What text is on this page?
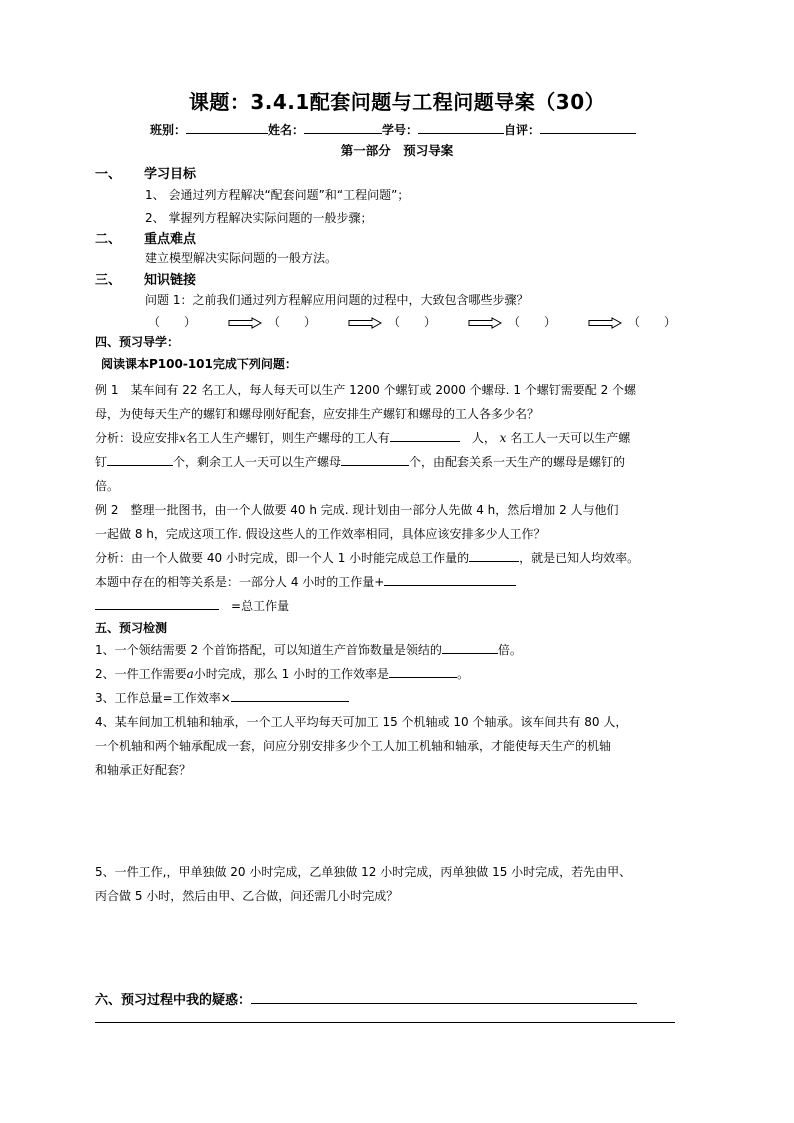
课题：3.4.1配套问题与工程问题导案（30）
班别：	姓名：	学号：	自评：
第一部分　预习导案
一、 学习目标
1、 会通过列方程解决“配套问题”和“工程问题”；
2、 掌握列方程解决实际问题的一般步骤；
二、 重点难点
建立模型解决实际问题的一般方法。
三、 知识链接
问题 1：之前我们通过列方程解应用问题的过程中，大致包含哪些步骤？
（　　）	（　　）	（　　）	（　　）	（　　）
四、预习导学：
阅读课本P100-101完成下列问题：
例 1　某车间有 22 名工人，每人每天可以生产 1200 个螺钉或 2000 个螺母. 1 个螺钉需要配 2 个螺
母，为使每天生产的螺钉和螺母刚好配套，应安排生产螺钉和螺母的工人各多少名？
分析：设应安排x名工人生产螺钉，则生产螺母的工人有　	人， x 名工人一天可以生产螺
钉	个，剩余工人一天可以生产螺母	个，由配套关系一天生产的螺母是螺钉的
倍。
例 2　整理一批图书，由一个人做要 40 h 完成. 现计划由一部分人先做 4 h，然后增加 2 人与他们
一起做 8 h，完成这项工作. 假设这些人的工作效率相同，具体应该安排多少人工作？
分析：由一个人做要 40 小时完成，即一个人 1 小时能完成总工作量的	，就是已知人均效率。
本题中存在的相等关系是：一部分人 4 小时的工作量+
　=总工作量
五、预习检测
1、一个领结需要 2 个首饰搭配，可以知道生产首饰数量是领结的	倍。
2、一件工作需要a小时完成，那么 1 小时的工作效率是	。
3、工作总量=工作效率×
4、某车间加工机轴和轴承，一个工人平均每天可加工 15 个机轴或 10 个轴承。该车间共有 80 人，
一个机轴和两个轴承配成一套，问应分别安排多少个工人加工机轴和轴承，才能使每天生产的机轴
和轴承正好配套？
5、一件工作,，甲单独做 20 小时完成，乙单独做 12 小时完成，丙单独做 15 小时完成，若先由甲、
丙合做 5 小时，然后由甲、乙合做，问还需几小时完成？
六、预习过程中我的疑惑：
